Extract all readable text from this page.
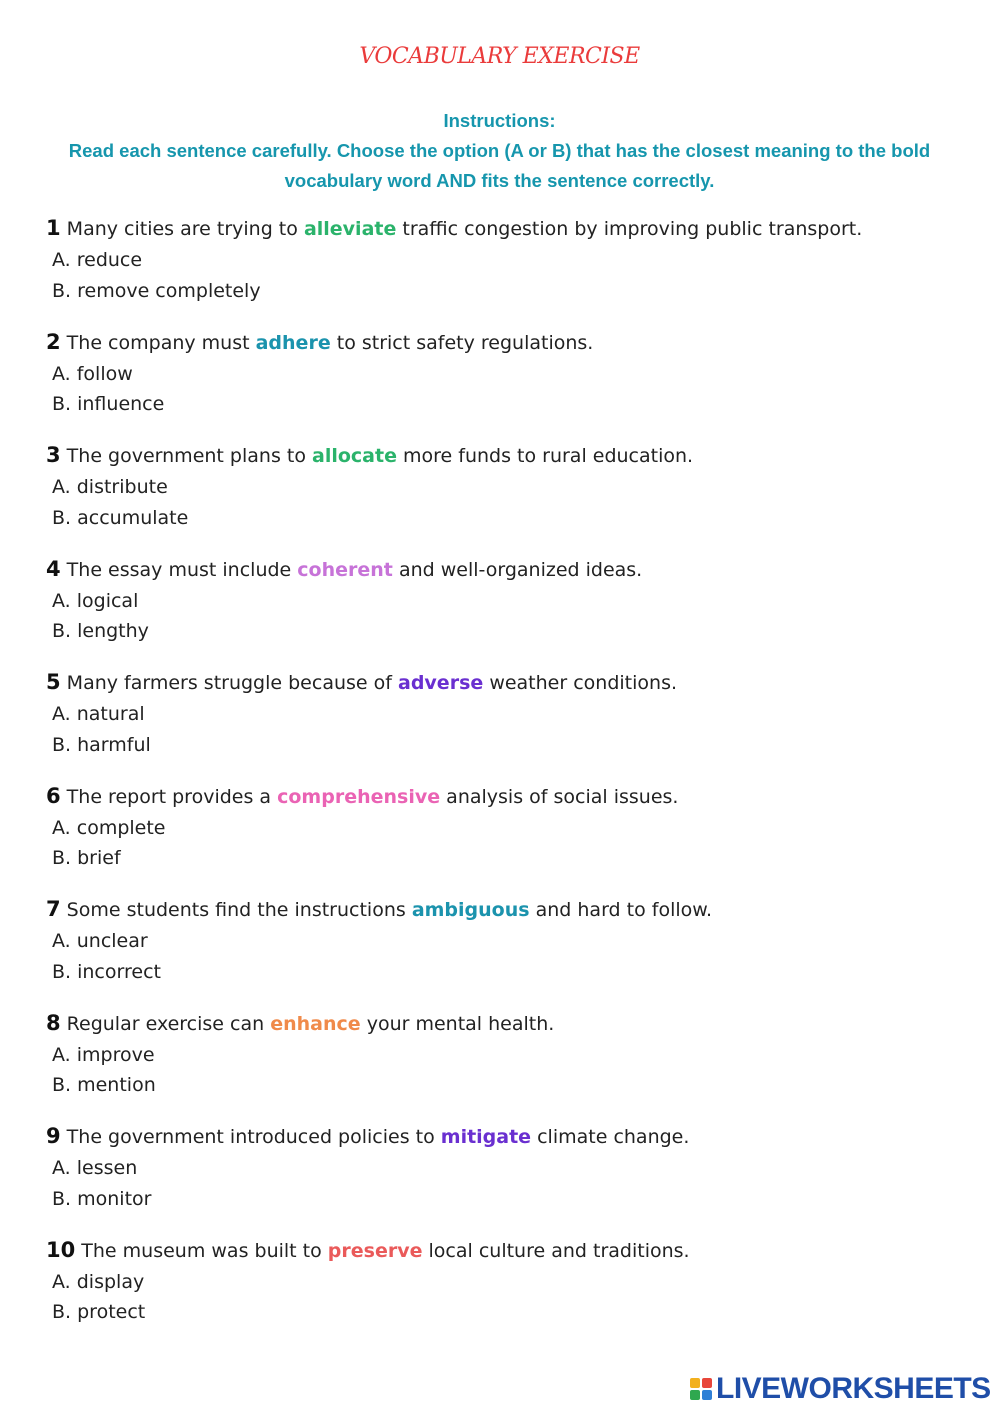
VOCABULARY EXERCISE
Instructions:
Read each sentence carefully. Choose the option (A or B) that has the closest meaning to the bold vocabulary word AND fits the sentence correctly.
1 Many cities are trying to alleviate traffic congestion by improving public transport.
A. reduce
B. remove completely
2 The company must adhere to strict safety regulations.
A. follow
B. influence
3 The government plans to allocate more funds to rural education.
A. distribute
B. accumulate
4 The essay must include coherent and well-organized ideas.
A. logical
B. lengthy
5 Many farmers struggle because of adverse weather conditions.
A. natural
B. harmful
6 The report provides a comprehensive analysis of social issues.
A. complete
B. brief
7 Some students find the instructions ambiguous and hard to follow.
A. unclear
B. incorrect
8 Regular exercise can enhance your mental health.
A. improve
B. mention
9 The government introduced policies to mitigate climate change.
A. lessen
B. monitor
10 The museum was built to preserve local culture and traditions.
A. display
B. protect
LIVEWORKSHEETS
